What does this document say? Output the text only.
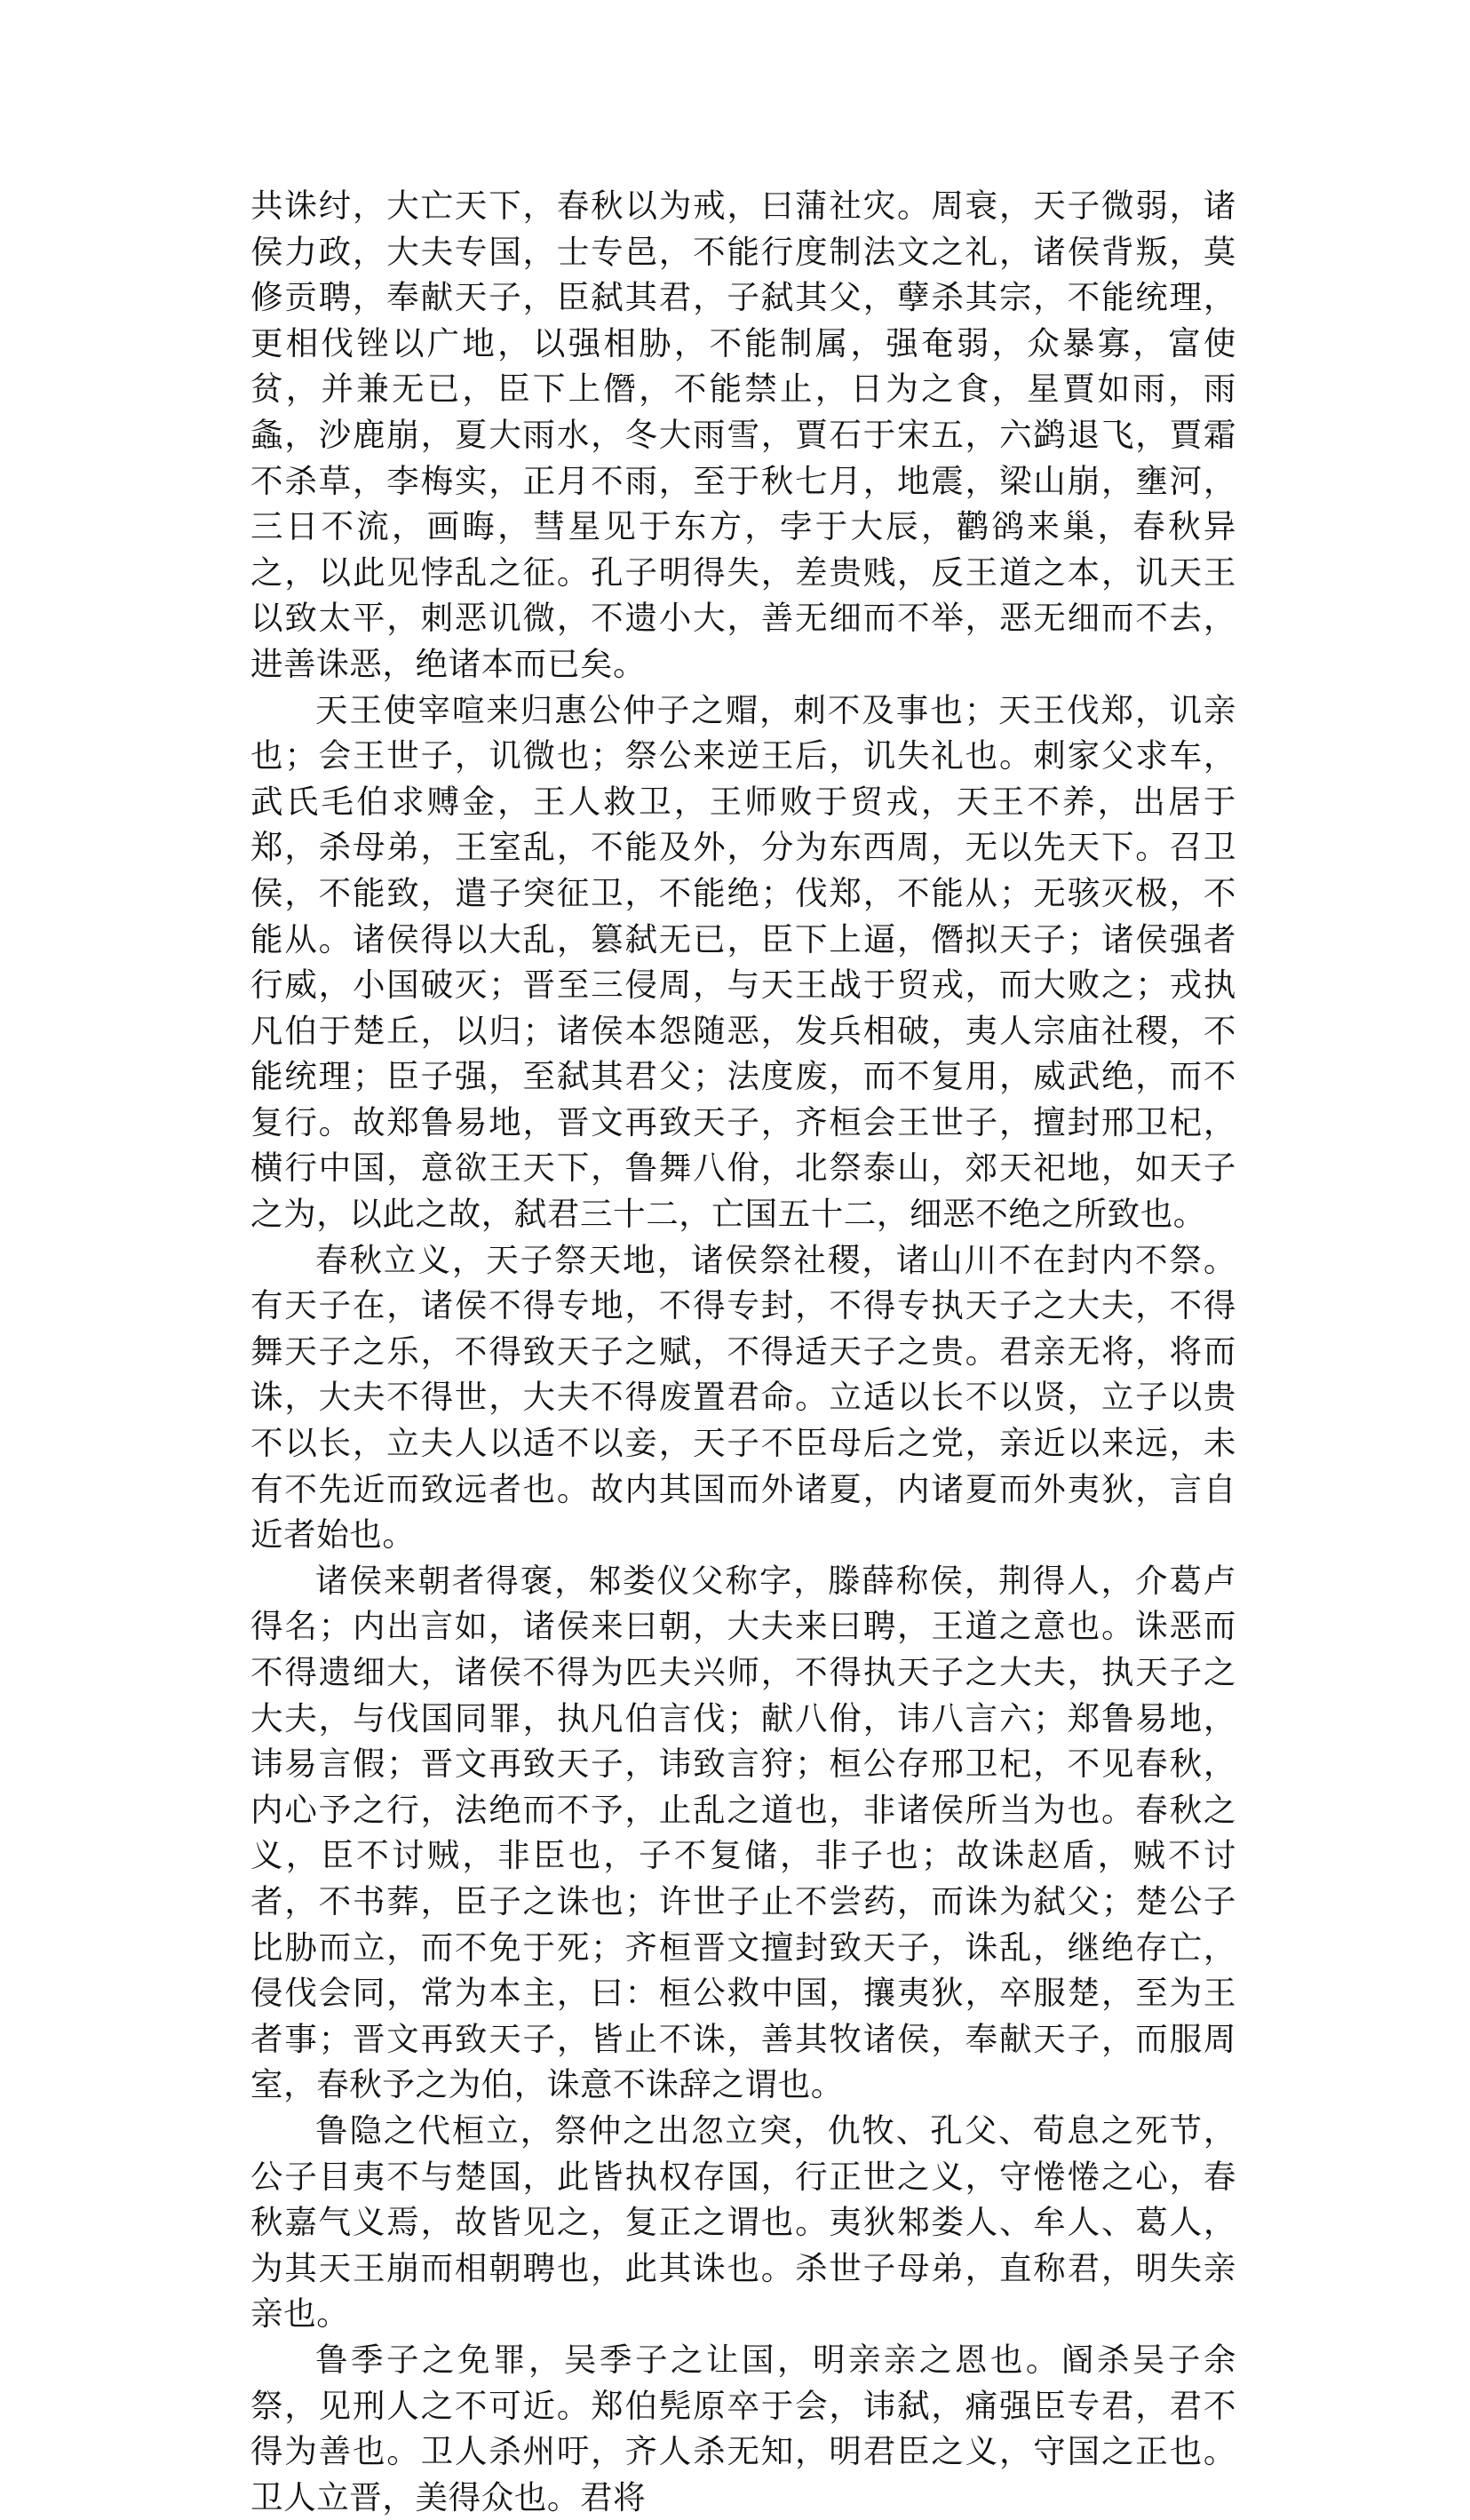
共诛纣，大亡天下，春秋以为戒，曰蒲社灾。周衰，天子微弱，诸侯力政，大夫专国，士专邑，不能行度制法文之礼，诸侯背叛，莫修贡聘，奉献天子，臣弑其君，子弑其父，孽杀其宗，不能统理，更相伐锉以广地，以强相胁，不能制属，强奄弱，众暴寡，富使贫，并兼无已，臣下上僭，不能禁止，日为之食，星賈如雨，雨螽，沙鹿崩，夏大雨水，冬大雨雪，賈石于宋五，六鹢退飞，賈霜不杀草，李梅实，正月不雨，至于秋七月，地震，梁山崩，壅河，三日不流，画晦，彗星见于东方，孛于大辰，鹳鹆来巢，春秋异之，以此见悖乱之征。孔子明得失，差贵贱，反王道之本，讥天王以致太平，刺恶讥微，不遗小大，善无细而不举，恶无细而不去，进善诛恶，绝诸本而已矣。

天王使宰喧来归惠公仲子之赗，刺不及事也；天王伐郑，讥亲也；会王世子，讥微也；祭公来逆王后，讥失礼也。刺家父求车，武氏毛伯求赙金，王人救卫，王师败于贸戎，天王不养，出居于郑，杀母弟，王室乱，不能及外，分为东西周，无以先天下。召卫侯，不能致，遣子突征卫，不能绝；伐郑，不能从；无骇灭极，不能从。诸侯得以大乱，篡弑无已，臣下上逼，僭拟天子；诸侯强者行威，小国破灭；晋至三侵周，与天王战于贸戎，而大败之；戎执凡伯于楚丘，以归；诸侯本怨随恶，发兵相破，夷人宗庙社稷，不能统理；臣子强，至弑其君父；法度废，而不复用，威武绝，而不复行。故郑鲁易地，晋文再致天子，齐桓会王世子，擅封邢卫杞，横行中国，意欲王天下，鲁舞八佾，北祭泰山，郊天祀地，如天子之为，以此之故，弑君三十二，亡国五十二，细恶不绝之所致也。

春秋立义，天子祭天地，诸侯祭社稷，诸山川不在封内不祭。有天子在，诸侯不得专地，不得专封，不得专执天子之大夫，不得舞天子之乐，不得致天子之赋，不得适天子之贵。君亲无将，将而诛，大夫不得世，大夫不得废置君命。立适以长不以贤，立子以贵不以长，立夫人以适不以妾，天子不臣母后之党，亲近以来远，未有不先近而致远者也。故内其国而外诸夏，内诸夏而外夷狄，言自近者始也。

诸侯来朝者得褒，邾娄仪父称字，滕薛称侯，荆得人，介葛卢得名；内出言如，诸侯来曰朝，大夫来曰聘，王道之意也。诛恶而不得遗细大，诸侯不得为匹夫兴师，不得执天子之大夫，执天子之大夫，与伐国同罪，执凡伯言伐；献八佾，讳八言六；郑鲁易地，讳易言假；晋文再致天子，讳致言狩；桓公存邢卫杞，不见春秋，内心予之行，法绝而不予，止乱之道也，非诸侯所当为也。春秋之义，臣不讨贼，非臣也，子不复储，非子也；故诛赵盾，贼不讨者，不书葬，臣子之诛也；许世子止不尝药，而诛为弑父；楚公子比胁而立，而不免于死；齐桓晋文擅封致天子，诛乱，继绝存亡，侵伐会同，常为本主，曰：桓公救中国，攘夷狄，卒服楚，至为王者事；晋文再致天子，皆止不诛，善其牧诸侯，奉献天子，而服周室，春秋予之为伯，诛意不诛辞之谓也。

鲁隐之代桓立，祭仲之出忽立突，仇牧、孔父、荀息之死节，公子目夷不与楚国，此皆执权存国，行正世之义，守惓惓之心，春秋嘉气义焉，故皆见之，复正之谓也。夷狄邾娄人、牟人、葛人，为其天王崩而相朝聘也，此其诛也。杀世子母弟，直称君，明失亲亲也。

鲁季子之免罪，吴季子之让国，明亲亲之恩也。阍杀吴子余祭，见刑人之不可近。郑伯髡原卒于会，讳弑，痛强臣专君，君不得为善也。卫人杀州吁，齐人杀无知，明君臣之义，守国之正也。卫人立晋，美得众也。君将
